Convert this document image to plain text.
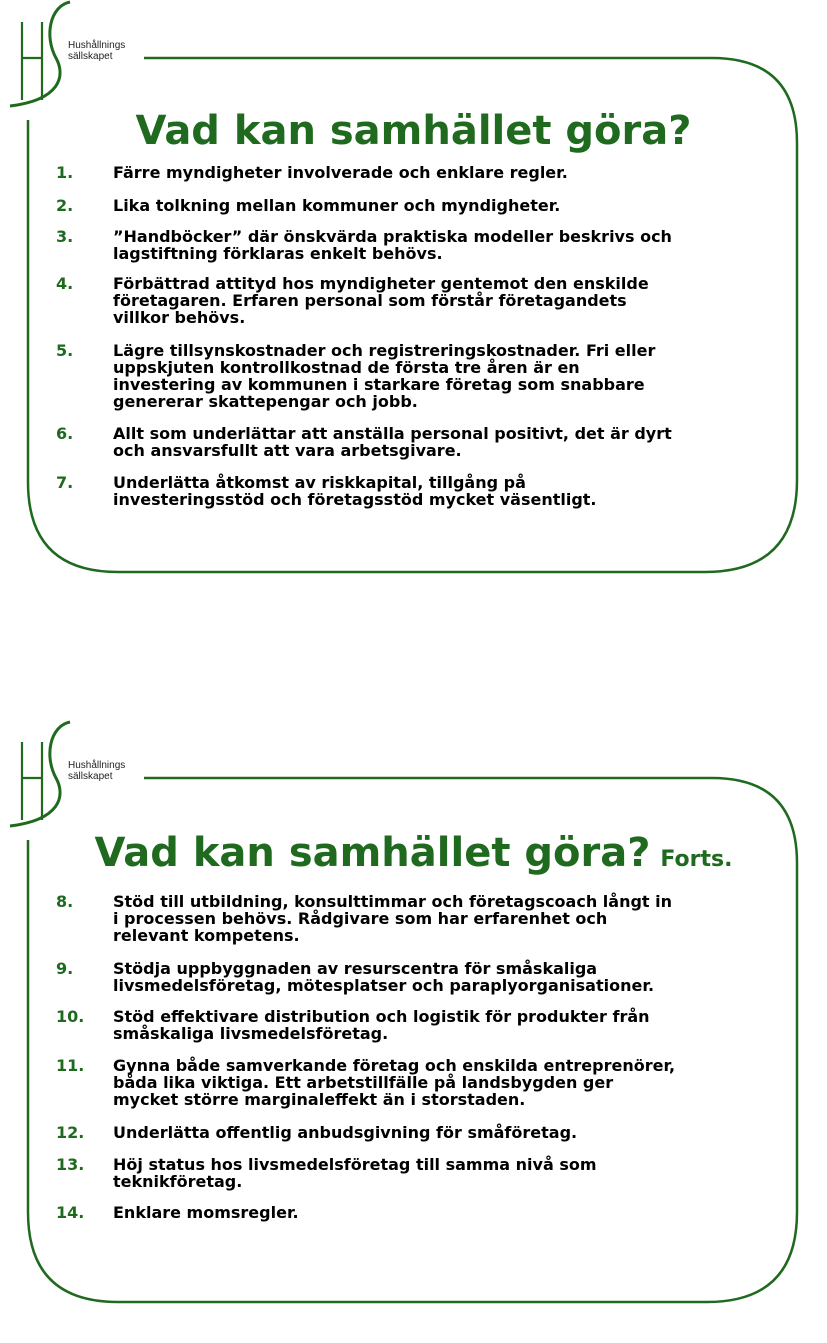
Hushållnings
sällskapet
Vad kan samhället göra?
1. Färre myndigheter involverade och enklare regler.
2. Lika tolkning mellan kommuner och myndigheter.
3. ”Handböcker” där önskvärda praktiska modeller beskrivs och
lagstiftning förklaras enkelt behövs.
4. Förbättrad attityd hos myndigheter gentemot den enskilde
företagaren. Erfaren personal som förstår företagandets
villkor behövs.
5. Lägre tillsynskostnader och registreringskostnader. Fri eller
uppskjuten kontrollkostnad de första tre åren är en
investering av kommunen i starkare företag som snabbare
genererar skattepengar och jobb.
6. Allt som underlättar att anställa personal positivt, det är dyrt
och ansvarsfullt att vara arbetsgivare.
7. Underlätta åtkomst av riskkapital, tillgång på
investeringsstöd och företagsstöd mycket väsentligt.
Hushållnings
sällskapet
Vad kan samhället göra? Forts.
8. Stöd till utbildning, konsulttimmar och företagscoach långt in
i processen behövs. Rådgivare som har erfarenhet och
relevant kompetens.
9. Stödja uppbyggnaden av resurscentra för småskaliga
livsmedelsföretag, mötesplatser och paraplyorganisationer.
10. Stöd effektivare distribution och logistik för produkter från
småskaliga livsmedelsföretag.
11. Gynna både samverkande företag och enskilda entreprenörer,
båda lika viktiga. Ett arbetstillfälle på landsbygden ger
mycket större marginaleffekt än i storstaden.
12. Underlätta offentlig anbudsgivning för småföretag.
13. Höj status hos livsmedelsföretag till samma nivå som
teknikföretag.
14. Enklare momsregler.
